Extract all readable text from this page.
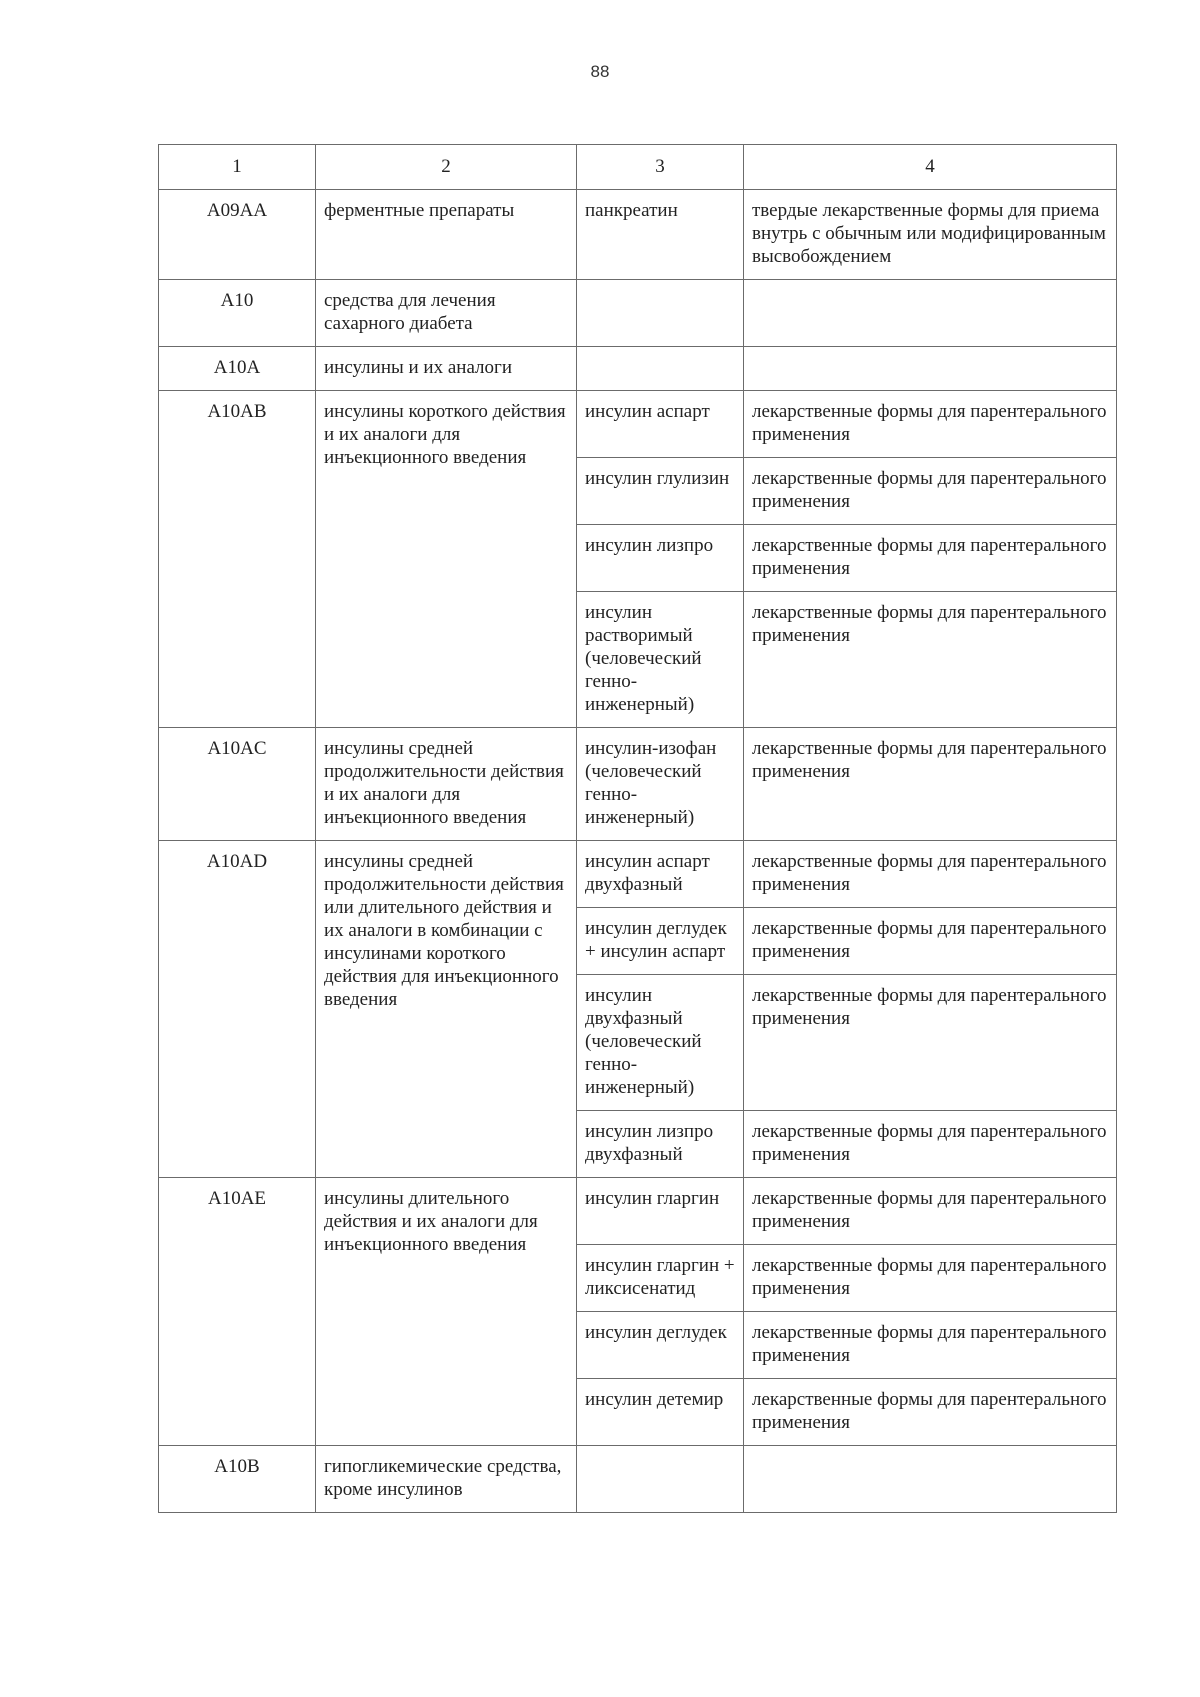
88
1	2	3	4
A09AA	ферментные препараты	панкреатин	твердые лекарственные формы для приема внутрь с обычным или модифицированным высвобождением
A10	средства для лечения сахарного диабета		
A10A	инсулины и их аналоги		
A10AB	инсулины короткого действия и их аналоги для инъекционного введения	инсулин аспарт	лекарственные формы для парентерального применения
		инсулин глулизин	лекарственные формы для парентерального применения
		инсулин лизпро	лекарственные формы для парентерального применения
		инсулин растворимый (человеческий генно-инженерный)	лекарственные формы для парентерального применения
A10AC	инсулины средней продолжительности действия и их аналоги для инъекционного введения	инсулин-изофан (человеческий генно-инженерный)	лекарственные формы для парентерального применения
A10AD	инсулины средней продолжительности действия или длительного действия и их аналоги в комбинации с инсулинами короткого действия для инъекционного введения	инсулин аспарт двухфазный	лекарственные формы для парентерального применения
		инсулин деглудек + инсулин аспарт	лекарственные формы для парентерального применения
		инсулин двухфазный (человеческий генно-инженерный)	лекарственные формы для парентерального применения
		инсулин лизпро двухфазный	лекарственные формы для парентерального применения
A10AE	инсулины длительного действия и их аналоги для инъекционного введения	инсулин гларгин	лекарственные формы для парентерального применения
		инсулин гларгин + ликсисенатид	лекарственные формы для парентерального применения
		инсулин деглудек	лекарственные формы для парентерального применения
		инсулин детемир	лекарственные формы для парентерального применения
A10B	гипогликемические средства, кроме инсулинов		
